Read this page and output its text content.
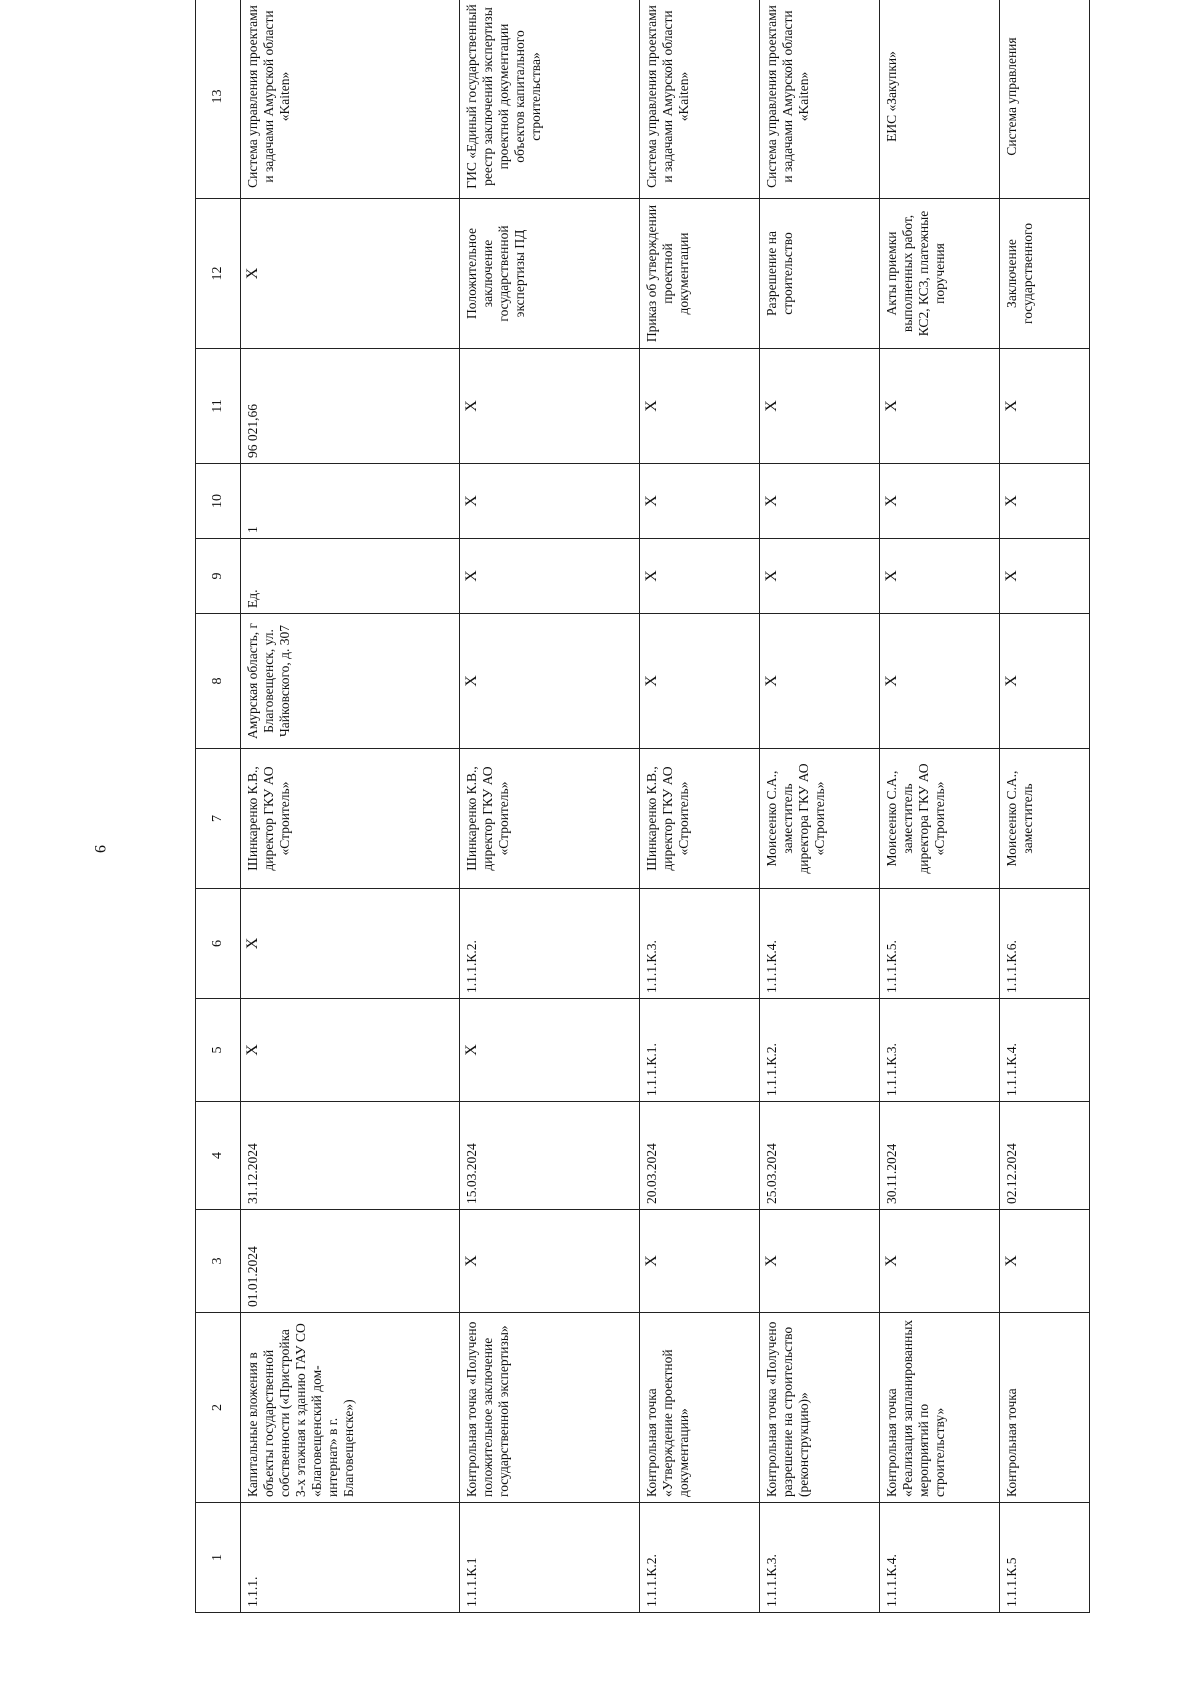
9
1	2	3	4	5	6	7	8	9	10	11	12	13
1.1.1.	Капитальные вложения в объекты государственной собственности («Пристройка 3-х этажная к зданию ГАУ СО «Благовещенский дом-интернат» в г. Благовещенске»)	01.01.2024	31.12.2024	X	X	Шинкаренко К.В., директор ГКУ АО «Строитель»	Амурская область, г Благовещенск, ул. Чайковского, д. 307	Ед.	1	96 021,66	X	Система управления проектами и задачами Амурской области «Kaiten»
1.1.1.К.1	Контрольная точка «Получено положительное заключение государственной экспертизы»	X	15.03.2024	X	1.1.1.К.2.	Шинкаренко К.В., директор ГКУ АО «Строитель»	X	X	X	X	Положительное заключение государственной экспертизы ПД	ГИС «Единый государственный реестр заключений экспертизы проектной документации объектов капитального строительства»
1.1.1.К.2.	Контрольная точка «Утверждение проектной документации»	X	20.03.2024	1.1.1.К.1.	1.1.1.К.3.	Шинкаренко К.В., директор ГКУ АО «Строитель»	X	X	X	X	Приказ об утверждении проектной документации	Система управления проектами и задачами Амурской области «Kaiten»
1.1.1.К.3.	Контрольная точка «Получено разрешение на строительство (реконструкцию)»	X	25.03.2024	1.1.1.К.2.	1.1.1.К.4.	Моисеенко С.А., заместитель директора ГКУ АО «Строитель»	X	X	X	X	Разрешение на строительство	Система управления проектами и задачами Амурской области «Kaiten»
1.1.1.К.4.	Контрольная точка «Реализация запланированных мероприятий по строительству»	X	30.11.2024	1.1.1.К.3.	1.1.1.К.5.	Моисеенко С.А., заместитель директора ГКУ АО «Строитель»	X	X	X	X	Акты приемки выполненных работ, КС2, КС3, платежные поручения	ЕИС «Закупки»
1.1.1.К.5	Контрольная точка	X	02.12.2024	1.1.1.К.4.	1.1.1.К.6.	Моисеенко С.А., заместитель	X	X	X	X	Заключение государственного	Система управления
